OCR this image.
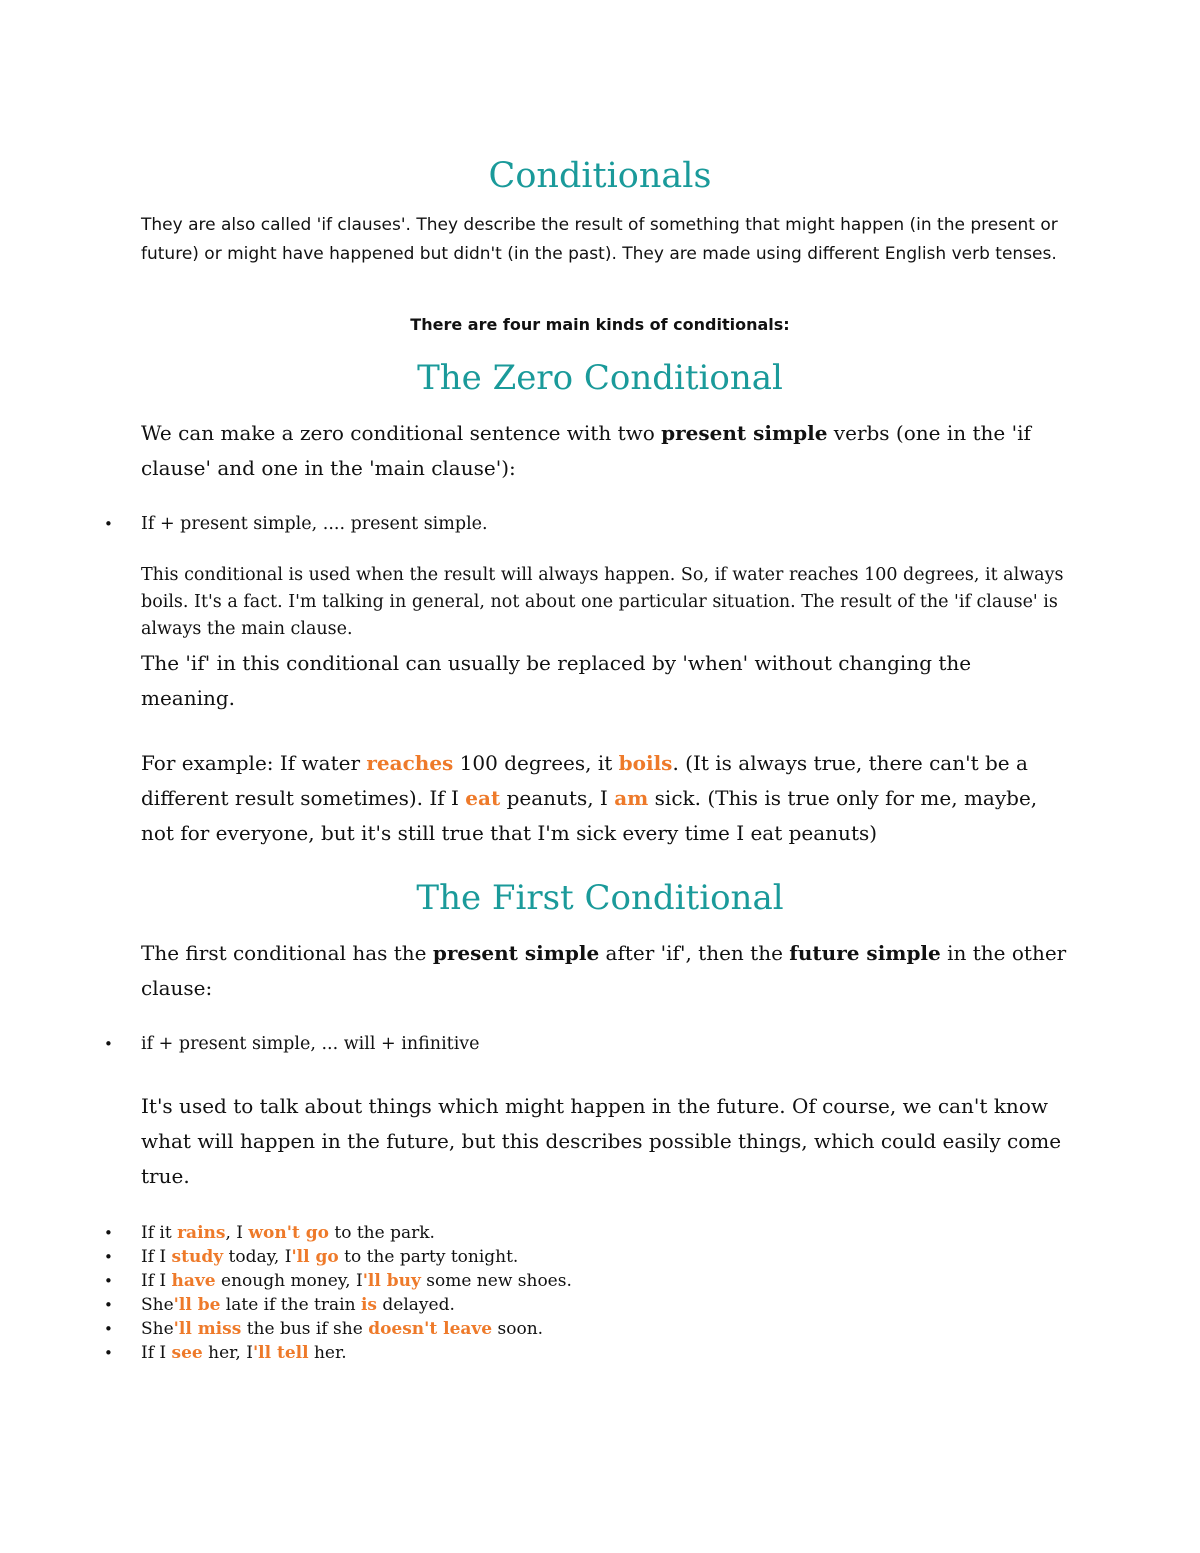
Conditionals

They are also called 'if clauses'. They describe the result of something that might happen (in the present or future) or might have happened but didn't (in the past). They are made using different English verb tenses.

There are four main kinds of conditionals:

The Zero Conditional

We can make a zero conditional sentence with two present simple verbs (one in the 'if clause' and one in the 'main clause'):

•	If + present simple, .... present simple.

This conditional is used when the result will always happen. So, if water reaches 100 degrees, it always boils. It's a fact. I'm talking in general, not about one particular situation. The result of the 'if clause' is always the main clause.

The 'if' in this conditional can usually be replaced by 'when' without changing the meaning.

For example: If water reaches 100 degrees, it boils. (It is always true, there can't be a different result sometimes). If I eat peanuts, I am sick. (This is true only for me, maybe, not for everyone, but it's still true that I'm sick every time I eat peanuts)

The First Conditional

The first conditional has the present simple after 'if', then the future simple in the other clause:

•	if + present simple, ... will + infinitive

It's used to talk about things which might happen in the future. Of course, we can't know what will happen in the future, but this describes possible things, which could easily come true.

•	If it rains, I won't go to the park.
•	If I study today, I'll go to the party tonight.
•	If I have enough money, I'll buy some new shoes.
•	She'll be late if the train is delayed.
•	She'll miss the bus if she doesn't leave soon.
•	If I see her, I'll tell her.
